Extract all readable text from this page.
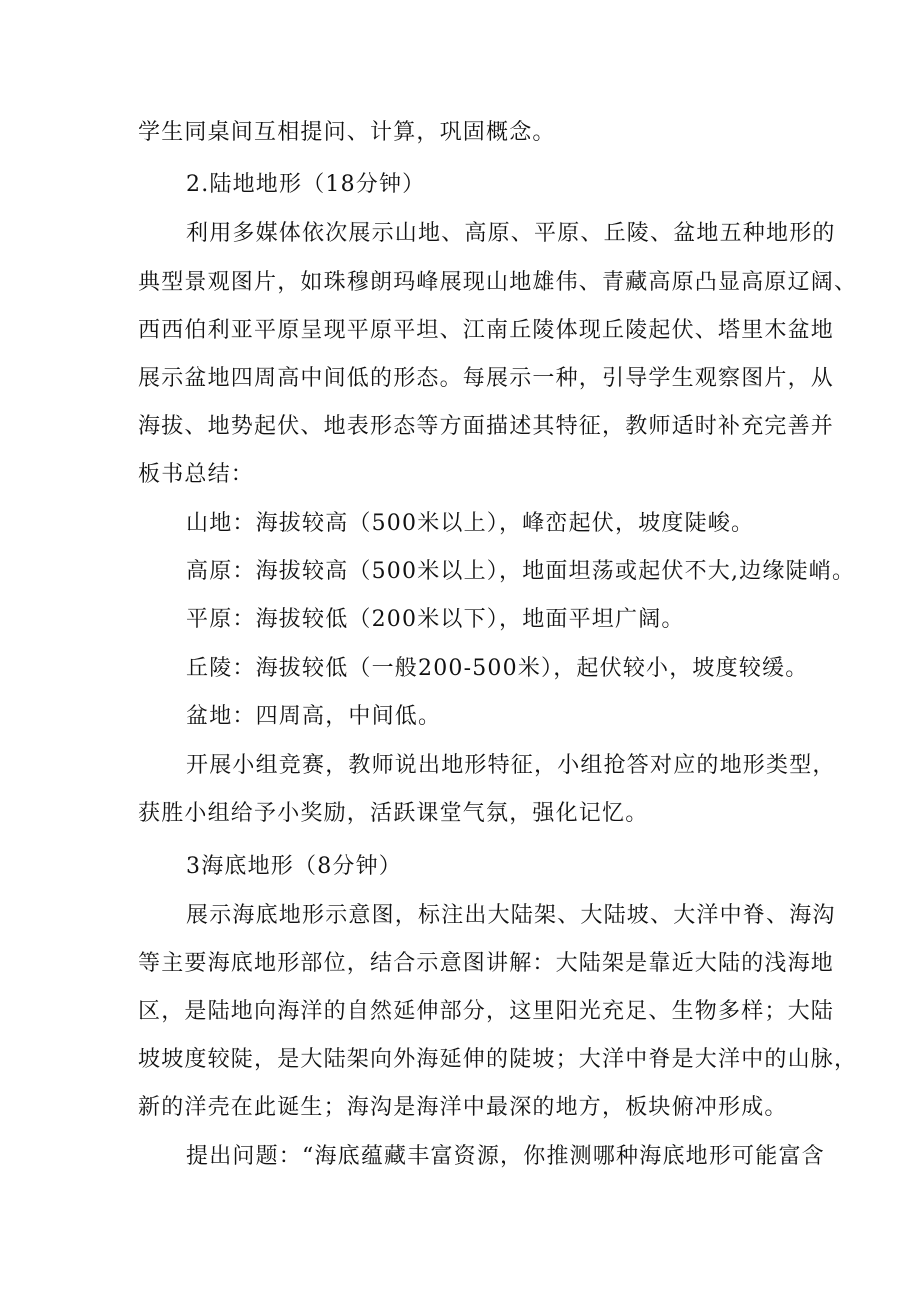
学生同桌间互相提问、计算，巩固概念。
2.陆地地形（18分钟）
利用多媒体依次展示山地、高原、平原、丘陵、盆地五种地形的
典型景观图片，如珠穆朗玛峰展现山地雄伟、青藏高原凸显高原辽阔、
西西伯利亚平原呈现平原平坦、江南丘陵体现丘陵起伏、塔里木盆地
展示盆地四周高中间低的形态。每展示一种，引导学生观察图片，从
海拔、地势起伏、地表形态等方面描述其特征，教师适时补充完善并
板书总结：
山地：海拔较高（500米以上），峰峦起伏，坡度陡峻。
高原：海拔较高（500米以上），地面坦荡或起伏不大,边缘陡峭。
平原：海拔较低（200米以下），地面平坦广阔。
丘陵：海拔较低（一般200-500米），起伏较小，坡度较缓。
盆地：四周高，中间低。
开展小组竞赛，教师说出地形特征，小组抢答对应的地形类型，
获胜小组给予小奖励，活跃课堂气氛，强化记忆。
3海底地形（8分钟）
展示海底地形示意图，标注出大陆架、大陆坡、大洋中脊、海沟
等主要海底地形部位，结合示意图讲解：大陆架是靠近大陆的浅海地
区，是陆地向海洋的自然延伸部分，这里阳光充足、生物多样；大陆
坡坡度较陡，是大陆架向外海延伸的陡坡；大洋中脊是大洋中的山脉，
新的洋壳在此诞生；海沟是海洋中最深的地方，板块俯冲形成。
提出问题：“海底蕴藏丰富资源，你推测哪种海底地形可能富含
